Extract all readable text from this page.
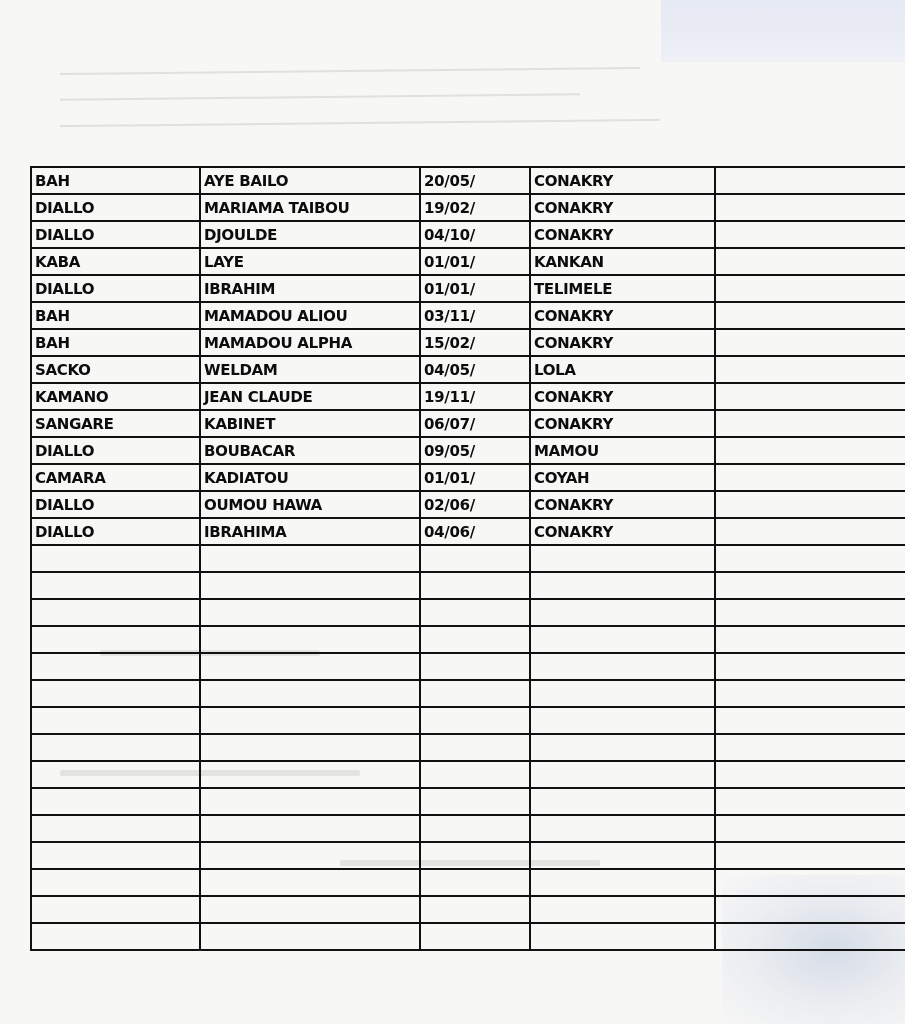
BAH	AYE BAILO	20/05/	CONAKRY	
DIALLO	MARIAMA TAIBOU	19/02/	CONAKRY	
DIALLO	DJOULDE	04/10/	CONAKRY	
KABA	LAYE	01/01/	KANKAN	
DIALLO	IBRAHIM	01/01/	TELIMELE	
BAH	MAMADOU ALIOU	03/11/	CONAKRY	
BAH	MAMADOU ALPHA	15/02/	CONAKRY	
SACKO	WELDAM	04/05/	LOLA	
KAMANO	JEAN CLAUDE	19/11/	CONAKRY	
SANGARE	KABINET	06/07/	CONAKRY	
DIALLO	BOUBACAR	09/05/	MAMOU	
CAMARA	KADIATOU	01/01/	COYAH	
DIALLO	OUMOU HAWA	02/06/	CONAKRY	
DIALLO	IBRAHIMA	04/06/	CONAKRY	
